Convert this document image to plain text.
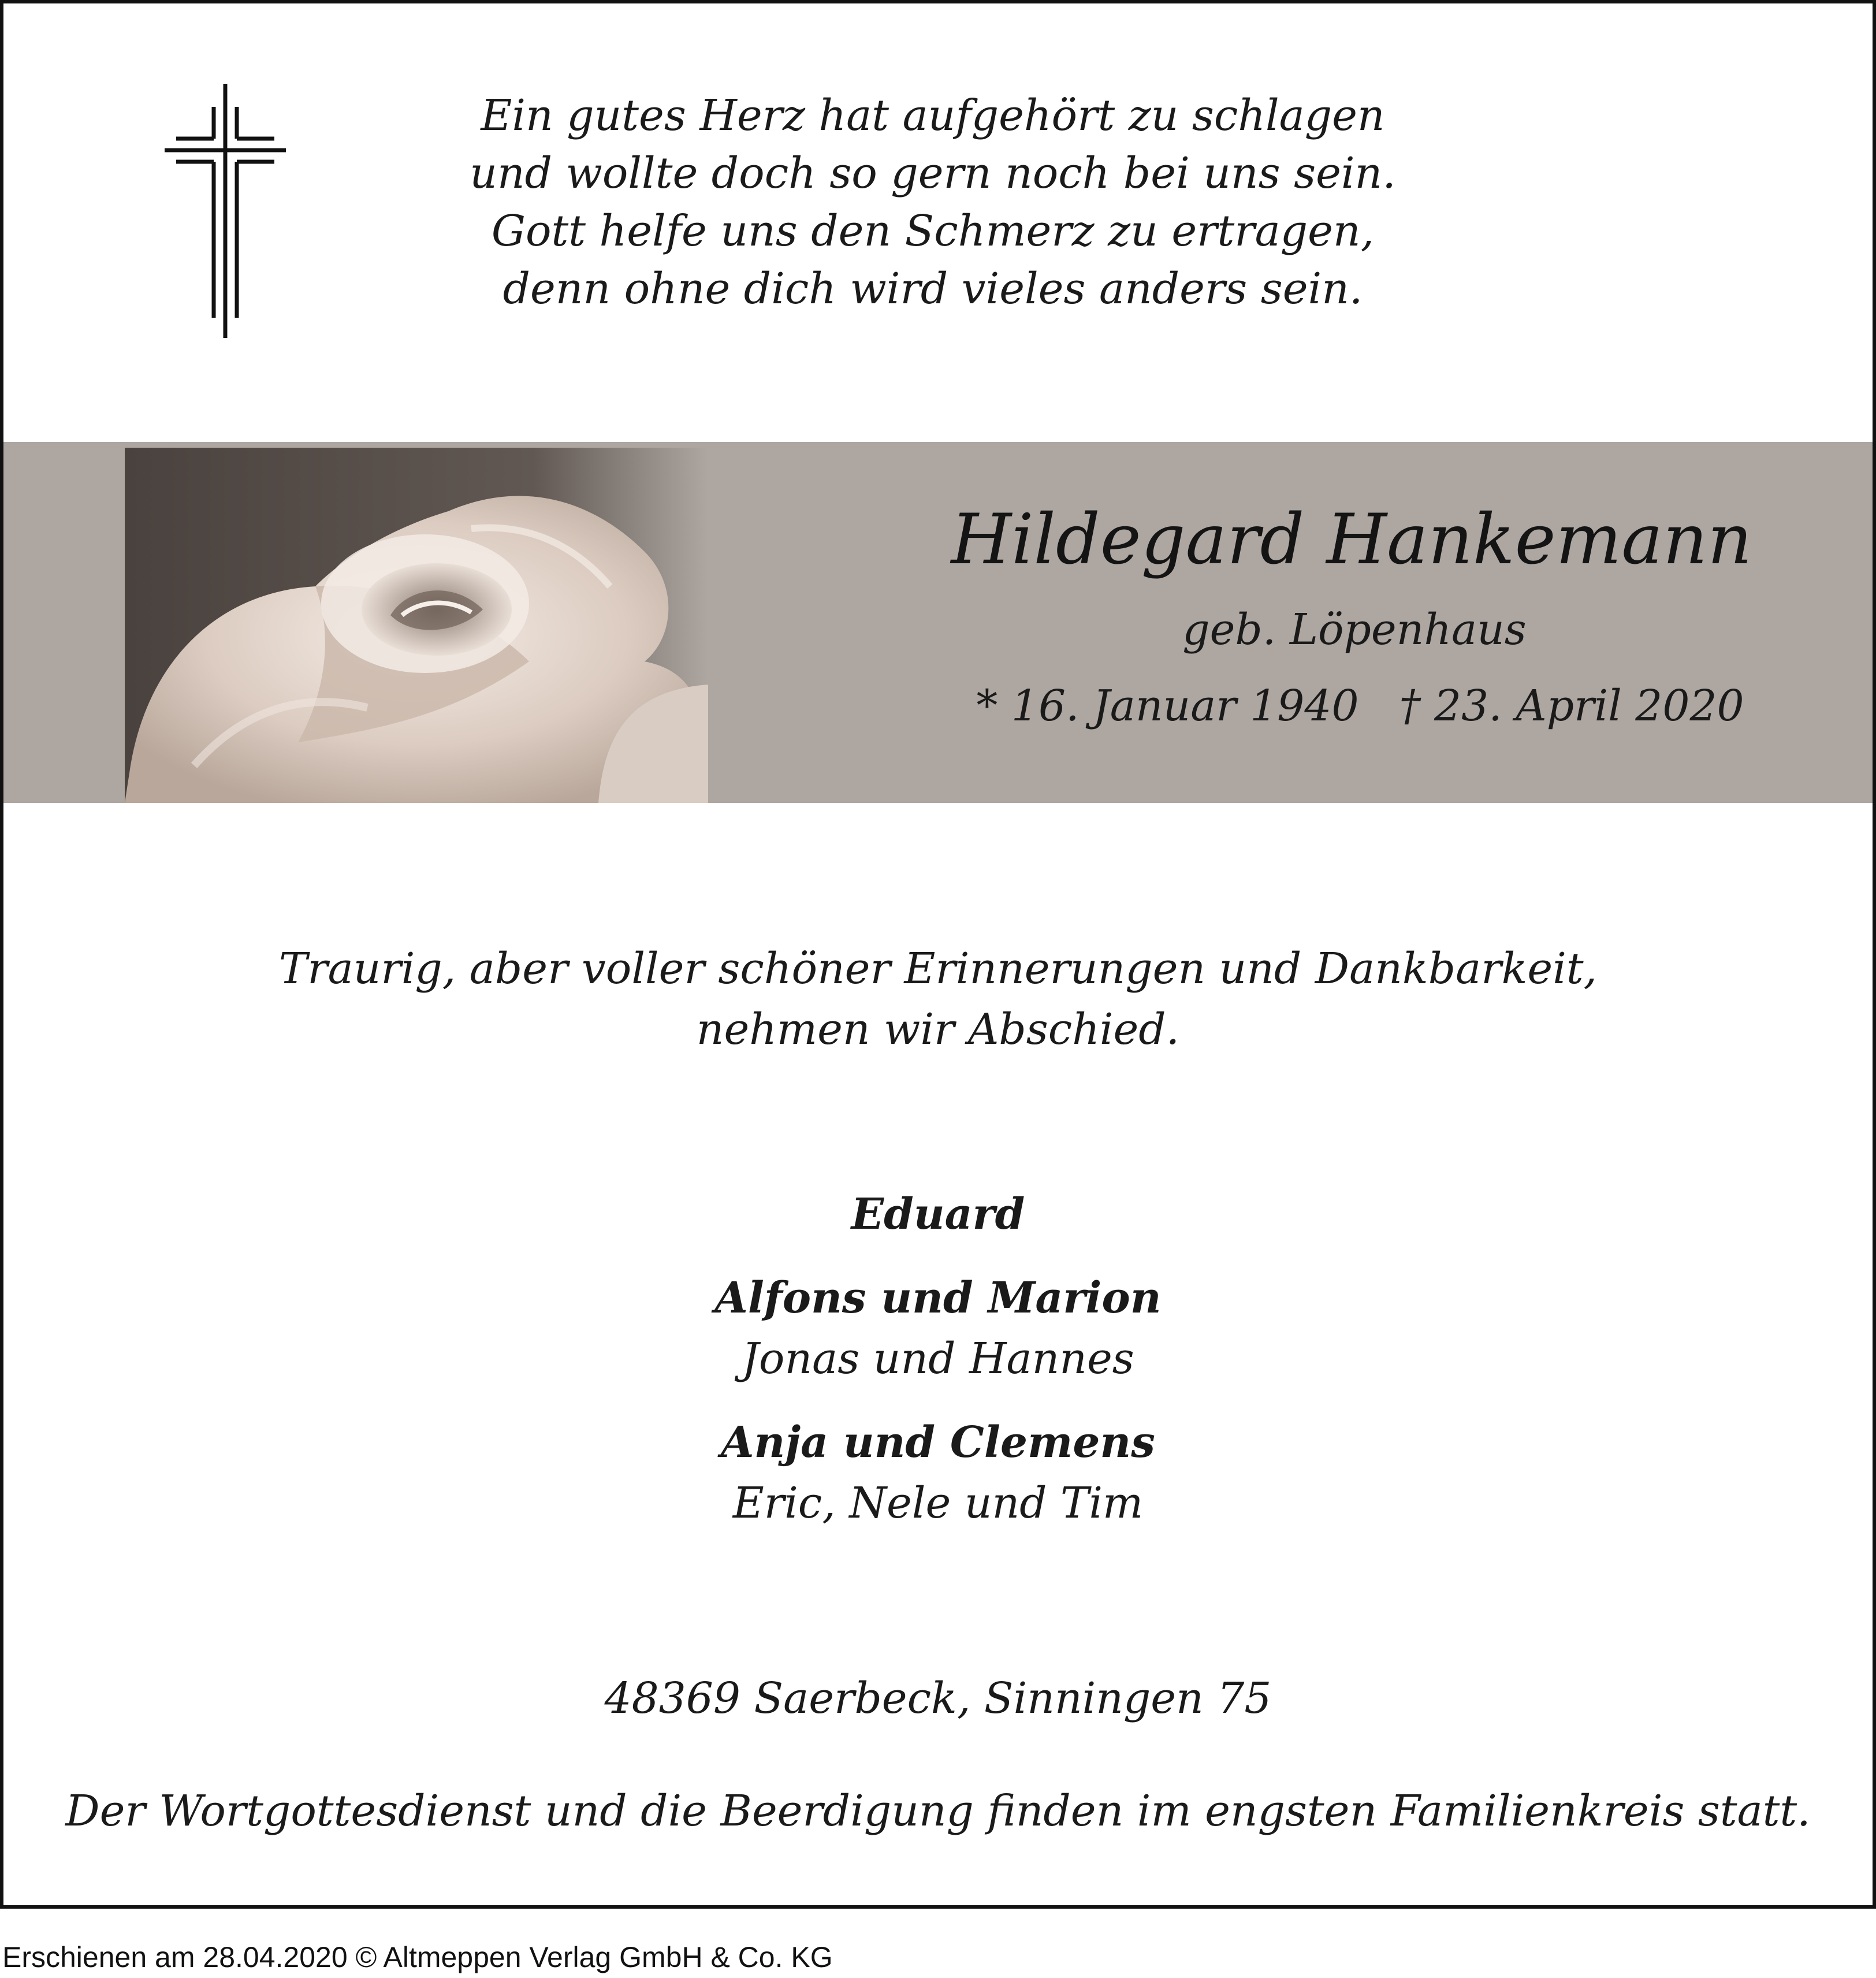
Ein gutes Herz hat aufgehört zu schlagen

und wollte doch so gern noch bei uns sein.

Gott helfe uns den Schmerz zu ertragen,

denn ohne dich wird vieles anders sein.

Hildegard Hankemann

geb. Löpenhaus

* 16. Januar 1940 † 23. April 2020

Traurig, aber voller schöner Erinnerungen und Dankbarkeit,

nehmen wir Abschied.

Eduard
Alfons und Marion
Jonas und Hannes
Anja und Clemens
Eric, Nele und Tim

48369 Saerbeck, Sinningen 75

Der Wortgottesdienst und die Beerdigung finden im engsten Familienkreis statt.

Erschienen am 28.04.2020 © Altmeppen Verlag GmbH & Co. KG
